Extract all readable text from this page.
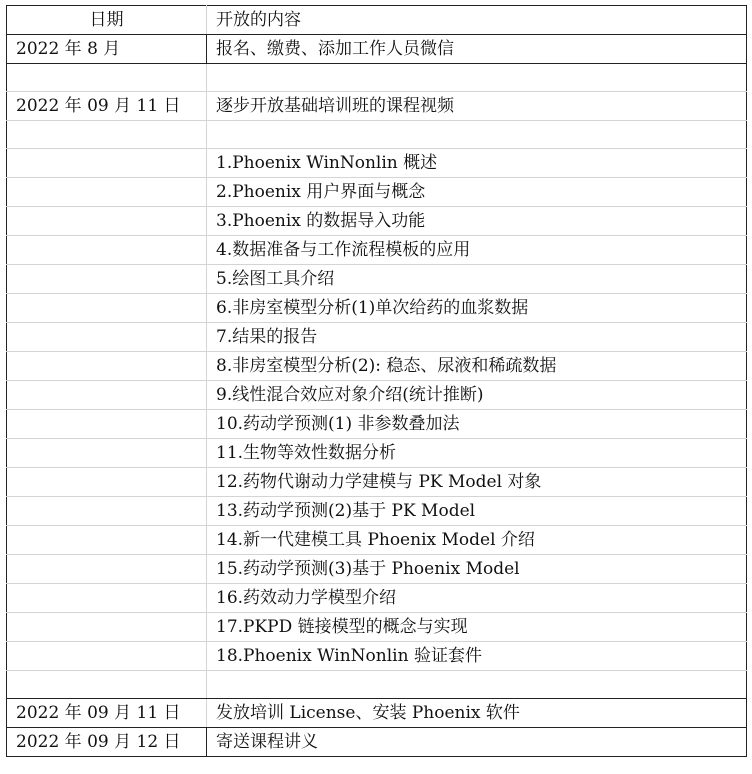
日期	开放的内容
2022 年 8 月	报名、缴费、添加工作人员微信

2022 年 09 月 11 日	逐步开放基础培训班的课程视频

	1.Phoenix WinNonlin 概述
	2.Phoenix 用户界面与概念
	3.Phoenix 的数据导入功能
	4.数据准备与工作流程模板的应用
	5.绘图工具介绍
	6.非房室模型分析(1)单次给药的血浆数据
	7.结果的报告
	8.非房室模型分析(2): 稳态、尿液和稀疏数据
	9.线性混合效应对象介绍(统计推断)
	10.药动学预测(1) 非参数叠加法
	11.生物等效性数据分析
	12.药物代谢动力学建模与 PK Model 对象
	13.药动学预测(2)基于 PK Model
	14.新一代建模工具 Phoenix Model 介绍
	15.药动学预测(3)基于 Phoenix Model
	16.药效动力学模型介绍
	17.PKPD 链接模型的概念与实现
	18.Phoenix WinNonlin 验证套件

2022 年 09 月 11 日	发放培训 License、安装 Phoenix 软件
2022 年 09 月 12 日	寄送课程讲义
